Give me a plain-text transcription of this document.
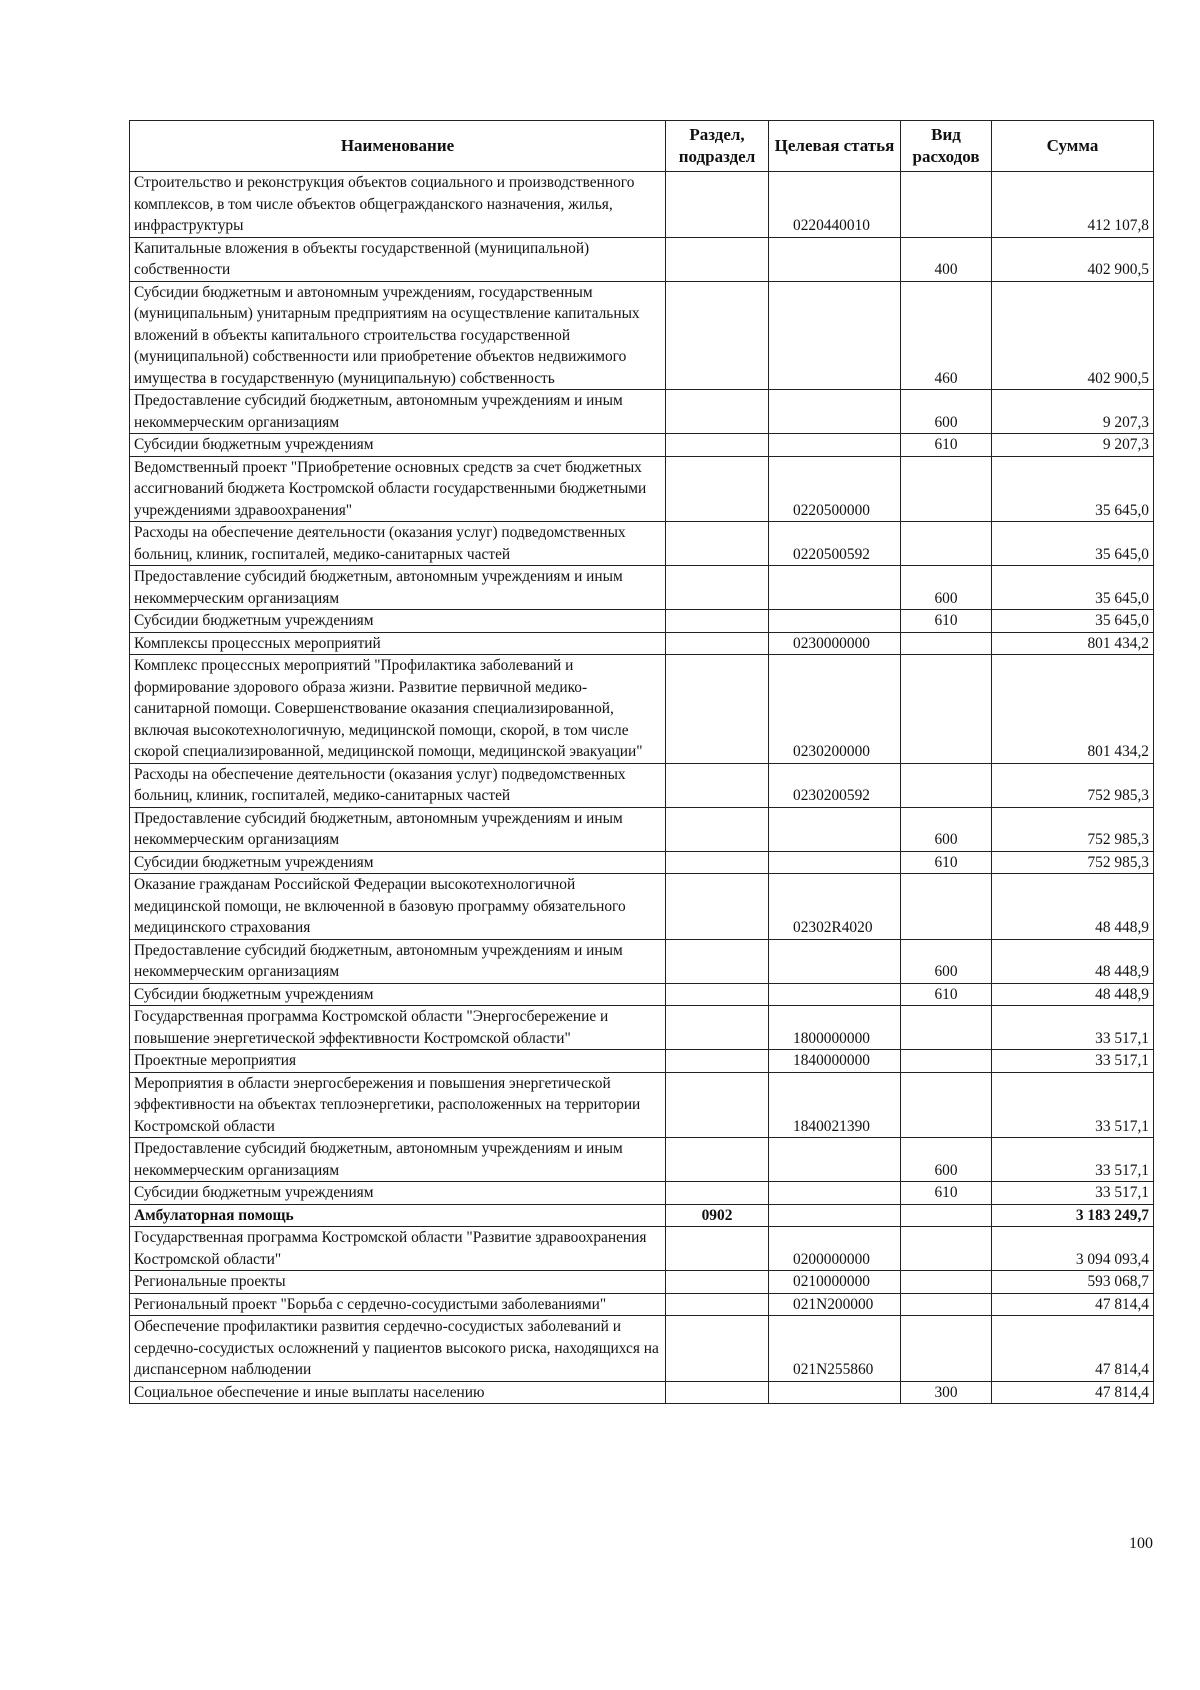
Наименование	Раздел, подраздел	Целевая статья	Вид расходов	Сумма
Строительство и реконструкция объектов социального и производственного комплексов, в том числе объектов общегражданского назначения, жилья, инфраструктуры		0220440010		412 107,8
Капитальные вложения в объекты государственной (муниципальной) собственности			400	402 900,5
Субсидии бюджетным и автономным учреждениям, государственным (муниципальным) унитарным предприятиям на осуществление капитальных вложений в объекты капитального строительства государственной (муниципальной) собственности или приобретение объектов недвижимого имущества в государственную (муниципальную) собственность			460	402 900,5
Предоставление субсидий бюджетным, автономным учреждениям и иным некоммерческим организациям			600	9 207,3
Субсидии бюджетным учреждениям			610	9 207,3
Ведомственный проект "Приобретение основных средств за счет бюджетных ассигнований бюджета Костромской области государственными бюджетными учреждениями здравоохранения"		0220500000		35 645,0
Расходы на обеспечение деятельности (оказания услуг) подведомственных больниц, клиник, госпиталей, медико-санитарных частей		0220500592		35 645,0
Предоставление субсидий бюджетным, автономным учреждениям и иным некоммерческим организациям			600	35 645,0
Субсидии бюджетным учреждениям			610	35 645,0
Комплексы процессных мероприятий		0230000000		801 434,2
Комплекс процессных мероприятий "Профилактика заболеваний и формирование здорового образа жизни. Развитие первичной медико-санитарной помощи. Совершенствование оказания специализированной, включая высокотехнологичную, медицинской помощи, скорой, в том числе скорой специализированной, медицинской помощи, медицинской эвакуации"		0230200000		801 434,2
Расходы на обеспечение деятельности (оказания услуг) подведомственных больниц, клиник, госпиталей, медико-санитарных частей		0230200592		752 985,3
Предоставление субсидий бюджетным, автономным учреждениям и иным некоммерческим организациям			600	752 985,3
Субсидии бюджетным учреждениям			610	752 985,3
Оказание гражданам Российской Федерации высокотехнологичной медицинской помощи, не включенной в базовую программу обязательного медицинского страхования		02302R4020		48 448,9
Предоставление субсидий бюджетным, автономным учреждениям и иным некоммерческим организациям			600	48 448,9
Субсидии бюджетным учреждениям			610	48 448,9
Государственная программа Костромской области "Энергосбережение и повышение энергетической эффективности Костромской области"		1800000000		33 517,1
Проектные мероприятия		1840000000		33 517,1
Мероприятия в области энергосбережения и повышения энергетической эффективности на объектах теплоэнергетики, расположенных на территории Костромской области		1840021390		33 517,1
Предоставление субсидий бюджетным, автономным учреждениям и иным некоммерческим организациям			600	33 517,1
Субсидии бюджетным учреждениям			610	33 517,1
Амбулаторная помощь	0902			3 183 249,7
Государственная программа Костромской области "Развитие здравоохранения Костромской области"		0200000000		3 094 093,4
Региональные проекты		0210000000		593 068,7
Региональный проект "Борьба с сердечно-сосудистыми заболеваниями"		021N200000		47 814,4
Обеспечение профилактики развития сердечно-сосудистых заболеваний и сердечно-сосудистых осложнений у пациентов высокого риска, находящихся на диспансерном наблюдении		021N255860		47 814,4
Социальное обеспечение и иные выплаты населению			300	47 814,4
100
